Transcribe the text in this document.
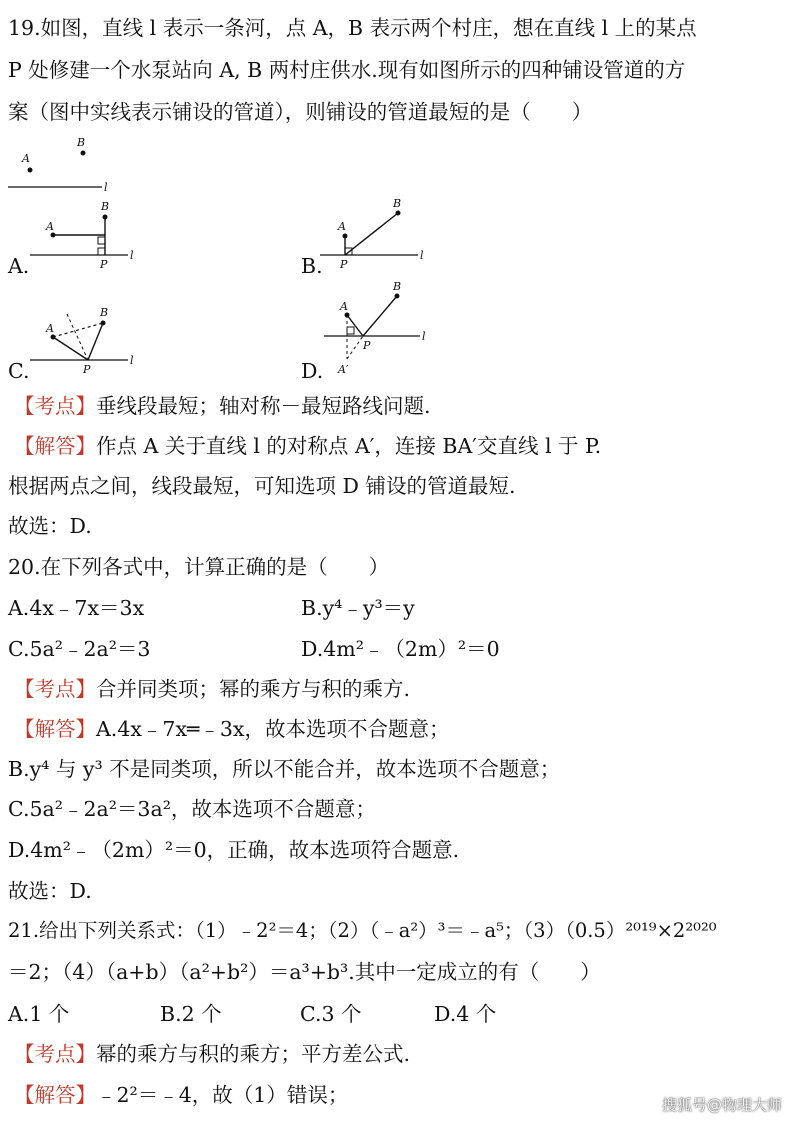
19.如图，直线 l 表示一条河，点 A，B 表示两个村庄，想在直线 l 上的某点
P 处修建一个水泵站向 A, B 两村庄供水.现有如图所示的四种铺设管道的方
案（图中实线表示铺设的管道），则铺设的管道最短的是（　　）
A
B
l
A.	l
A
B
P	B.	l
A
B
P
C.	l
A
B
P	D.
l
A
B
P
A′
【考点】垂线段最短；轴对称－最短路线问题.
【解答】作点 A 关于直线 l 的对称点 A′，连接 BA′交直线 l 于 P.
根据两点之间，线段最短，可知选项 D 铺设的管道最短.
故选：D.
20.在下列各式中，计算正确的是（　　）
A.4x﹣7x＝3x	B.y⁴﹣y³＝y
C.5a²﹣2a²＝3	D.4m²﹣（2m）²＝0
【考点】合并同类项；幂的乘方与积的乘方.
【解答】A.4x﹣7x═﹣3x，故本选项不合题意；
B.y⁴ 与 y³ 不是同类项，所以不能合并，故本选项不合题意；
C.5a²﹣2a²＝3a²，故本选项不合题意；
D.4m²﹣（2m）²＝0，正确，故本选项符合题意.
故选：D.
21.给出下列关系式：（1）﹣2²＝4；（2）（﹣a²）³＝﹣a⁵；（3）（0.5）²⁰¹⁹×2²⁰²⁰
＝2；（4）（a+b）（a²+b²）＝a³+b³.其中一定成立的有（　　）
A.1 个	B.2 个	C.3 个	D.4 个
【考点】幂的乘方与积的乘方；平方差公式.
【解答】﹣2²＝﹣4，故（1）错误；	搜狐号@物理大师
